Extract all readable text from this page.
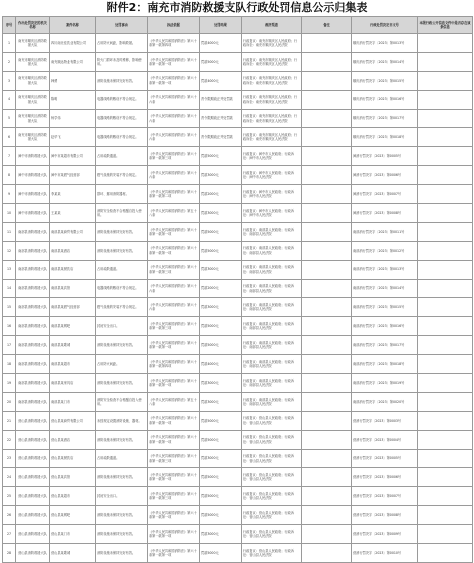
附件2：南充市消防救援支队行政处罚信息公示归集表
序号	作出处罚决定的机关名称	案件名称	处罚事由	执法依据	处罚结果	救济渠道	备注	行政处罚决定书文号	本级行政公开信息文件中是否存在该条信息
1	南充市顺庆区消防救援大队	四川南北佳饮业有限公司	占用防火间距，影响救援。	《中华人民共和国消防法》第六十条第一款第四项	罚款4000元	行政复议：南充市顺庆区人民政府；行政诉讼：南充市顺庆区人民法院		顺庆消行罚决字〔2023〕第0013号	
2	南充市顺庆区消防救援大队	南充顺达物业有限公司	防火门损坏未及时维修，影响使用。	《中华人民共和国消防法》第六十条第一款第一项	罚款5000元	行政复议：南充市顺庆区人民政府；行政诉讼：南充市顺庆区人民法院		顺庆消行罚决字〔2023〕第0014号	
3	南充市顺庆区消防救援大队	韩勇	消防设施未保持完好有效。	《中华人民共和国消防法》第六十条第一款第一项	罚款4000元	行政复议：南充市顺庆区人民政府；行政诉讼：南充市顺庆区人民法院		顺庆消行罚决字〔2023〕第0015号	
4	南充市顺庆区消防救援大队	陈明	电器线路的敷设不符合规定。	《中华人民共和国消防法》第六十六条	责令限期改正并处罚款	行政复议：南充市顺庆区人民政府；行政诉讼：南充市顺庆区人民法院		顺庆消行罚决字〔2023〕第0016号	
5	南充市顺庆区消防救援大队	杨学伟	电器线路的敷设不符合规定。	《中华人民共和国消防法》第六十六条	责令限期改正并处罚款	行政复议：南充市顺庆区人民政府；行政诉讼：南充市顺庆区人民法院		顺庆消行罚决字〔2023〕第0017号	
6	南充市顺庆区消防救援大队	赵华飞	电器线路的敷设不符合规定。	《中华人民共和国消防法》第六十六条	责令限期改正并处罚款	行政复议：南充市顺庆区人民政府；行政诉讼：南充市顺庆区人民法院		顺庆消行罚决字〔2023〕第0018号	
7	阆中市消防救援大队	阆中市某超市有限公司	占用疏散通道。	《中华人民共和国消防法》第六十条第一款第三项	罚款5000元	行政复议：阆中市人民政府；行政诉讼：阆中市人民法院		阆消行罚决字〔2023〕第0005号	
8	阆中市消防救援大队	阆中市某燃气经营部	燃气设施的安装不符合规定。	《中华人民共和国消防法》第六十六条	罚款3000元	行政复议：阆中市人民政府；行政诉讼：阆中市人民法院		阆消行罚决字〔2023〕第0006号	
9	阆中市消防救援大队	李某某	损坏、挪用消防器材。	《中华人民共和国消防法》第六十条第一款第二项	罚款2000元	行政复议：阆中市人民政府；行政诉讼：阆中市人民法院		阆消行罚决字〔2023〕第0007号	
10	阆中市消防救援大队	王某某	消防安全检查不合格擅自投入使用。	《中华人民共和国消防法》第五十八条	罚款3000元	行政复议：阆中市人民政府；行政诉讼：阆中市人民法院		阆消行罚决字〔2023〕第0008号	
11	南部县消防救援大队	南部县某商贸有限公司	消防设施未保持完好有效。	《中华人民共和国消防法》第六十条第一款第一项	罚款5000元	行政复议：南部县人民政府；行政诉讼：南部县人民法院		南部消行罚决字〔2023〕第0011号	
12	南部县消防救援大队	南部县某酒店	消防设施未保持完好有效。	《中华人民共和国消防法》第六十条第一款第一项	罚款5000元	行政复议：南部县人民政府；行政诉讼：南部县人民法院		南部消行罚决字〔2023〕第0012号	
13	南部县消防救援大队	南部县某餐饮店	占用疏散通道。	《中华人民共和国消防法》第六十条第一款第三项	罚款3000元	行政复议：南部县人民政府；行政诉讼：南部县人民法院		南部消行罚决字〔2023〕第0013号	
14	南部县消防救援大队	南部县某宾馆	电器线路的敷设不符合规定。	《中华人民共和国消防法》第六十六条	罚款2000元	行政复议：南部县人民政府；行政诉讼：南部县人民法院		南部消行罚决字〔2023〕第0014号	
15	南部县消防救援大队	南部县某燃气经营部	燃气设施的安装不符合规定。	《中华人民共和国消防法》第六十六条	罚款3000元	行政复议：南部县人民政府；行政诉讼：南部县人民法院		南部消行罚决字〔2023〕第0015号	
16	南部县消防救援大队	南部县某网吧	封闭安全出口。	《中华人民共和国消防法》第六十条第一款第三项	罚款5000元	行政复议：南部县人民政府；行政诉讼：南部县人民法院		南部消行罚决字〔2023〕第0016号	
17	南部县消防救援大队	南部县某歌城	消防设施未保持完好有效。	《中华人民共和国消防法》第六十条第一款第一项	罚款5000元	行政复议：南部县人民政府；行政诉讼：南部县人民法院		南部消行罚决字〔2023〕第0017号	
18	南部县消防救援大队	南部县某超市	占用防火间距。	《中华人民共和国消防法》第六十条第一款第四项	罚款4000元	行政复议：南部县人民政府；行政诉讼：南部县人民法院		南部消行罚决字〔2023〕第0018号	
19	南部县消防救援大队	南部县某家具店	消防设施未保持完好有效。	《中华人民共和国消防法》第六十条第一款第一项	罚款3000元	行政复议：南部县人民政府；行政诉讼：南部县人民法院		南部消行罚决字〔2023〕第0019号	
20	南部县消防救援大队	南部县某门市	消防安全检查不合格擅自投入使用。	《中华人民共和国消防法》第五十八条	罚款3000元	行政复议：南部县人民政府；行政诉讼：南部县人民法院		南部消行罚决字〔2023〕第0020号	
21	营山县消防救援大队	营山县某商贸有限公司	未按规定设置消防设施、器材。	《中华人民共和国消防法》第六十条第一款第一项	罚款5000元	行政复议：营山县人民政府；行政诉讼：营山县人民法院		营消行罚决字〔2023〕第0003号	
22	营山县消防救援大队	营山县某酒店	消防设施未保持完好有效。	《中华人民共和国消防法》第六十条第一款第一项	罚款5000元	行政复议：营山县人民政府；行政诉讼：营山县人民法院		营消行罚决字〔2023〕第0004号	
23	营山县消防救援大队	营山县某餐饮店	占用疏散通道。	《中华人民共和国消防法》第六十条第一款第三项	罚款3000元	行政复议：营山县人民政府；行政诉讼：营山县人民法院		营消行罚决字〔2023〕第0005号	
24	营山县消防救援大队	营山县某宾馆	消防设施未保持完好有效。	《中华人民共和国消防法》第六十条第一款第一项	罚款5000元	行政复议：营山县人民政府；行政诉讼：营山县人民法院		营消行罚决字〔2023〕第0006号	
25	营山县消防救援大队	营山县某超市	封闭安全出口。	《中华人民共和国消防法》第六十条第一款第三项	罚款5000元	行政复议：营山县人民政府；行政诉讼：营山县人民法院		营消行罚决字〔2023〕第0007号	
26	营山县消防救援大队	营山县某网吧	消防设施未保持完好有效。	《中华人民共和国消防法》第六十条第一款第一项	罚款5000元	行政复议：营山县人民政府；行政诉讼：营山县人民法院		营消行罚决字〔2023〕第0008号	
27	营山县消防救援大队	营山县某门市	消防设施未保持完好有效。	《中华人民共和国消防法》第六十条第一款第一项	罚款3000元	行政复议：营山县人民政府；行政诉讼：营山县人民法院		营消行罚决字〔2023〕第0009号	
28	营山县消防救援大队	营山县某歌城	消防设施未保持完好有效。	《中华人民共和国消防法》第六十条第一款第一项	罚款5000元	行政复议：营山县人民政府；行政诉讼：营山县人民法院		营消行罚决字〔2023〕第0010号	
